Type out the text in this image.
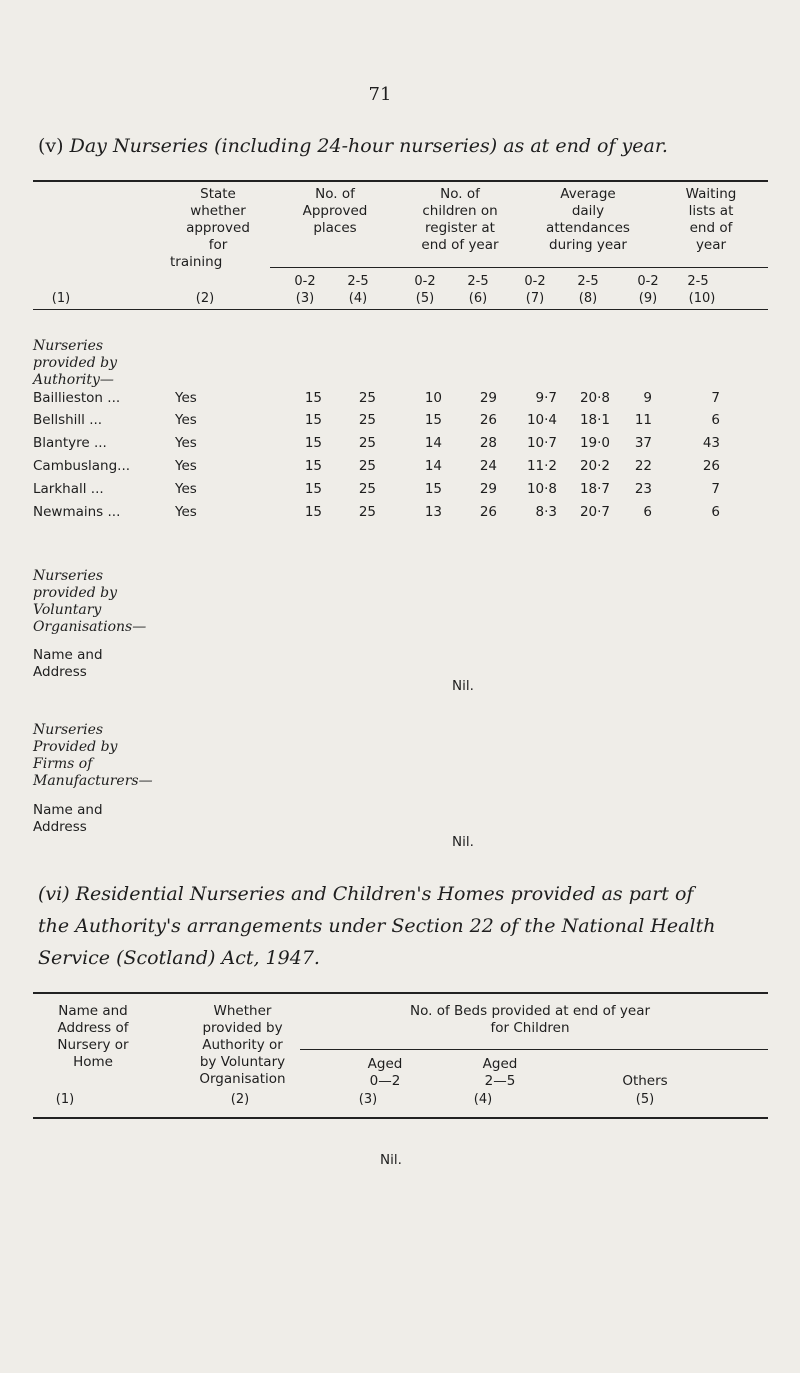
71
(v) Day Nurseries (including 24-hour nurseries) as at end of year.
State
whether
approved
for
training
No. of
Approved
places
No. of
children on
register at
end of year
Average
daily
attendances
during year
Waiting
lists at
end of
year
0-2	2-5	0-2	2-5	0-2	2-5	0-2	2-5
(1)	(2)	(3)	(4)	(5)	(6)	(7)	(8)	(9)	(10)
Nurseries
provided by
Authority—
Baillieston ...	Yes	15	25	10	29	9·7	20·8	9	7
Bellshill ...	Yes	15	25	15	26	10·4	18·1	11	6
Blantyre ...	Yes	15	25	14	28	10·7	19·0	37	43
Cambuslang...	Yes	15	25	14	24	11·2	20·2	22	26
Larkhall ...	Yes	15	25	15	29	10·8	18·7	23	7
Newmains ...	Yes	15	25	13	26	8·3	20·7	6	6
Nurseries
provided by
Voluntary
Organisations—
Name and
Address
Nil.
Nurseries
Provided by
Firms of
Manufacturers—
Name and
Address
Nil.
(vi) Residential Nurseries and Children's Homes provided as part of
the Authority's arrangements under Section 22 of the National Health
Service (Scotland) Act, 1947.
Name and
Address of
Nursery or
Home
Whether
provided by
Authority or
by Voluntary
Organisation
No. of Beds provided at end of year
for Children
Aged
0—2
Aged
2—5	Others
(1)	(2)	(3)	(4)	(5)
Nil.
